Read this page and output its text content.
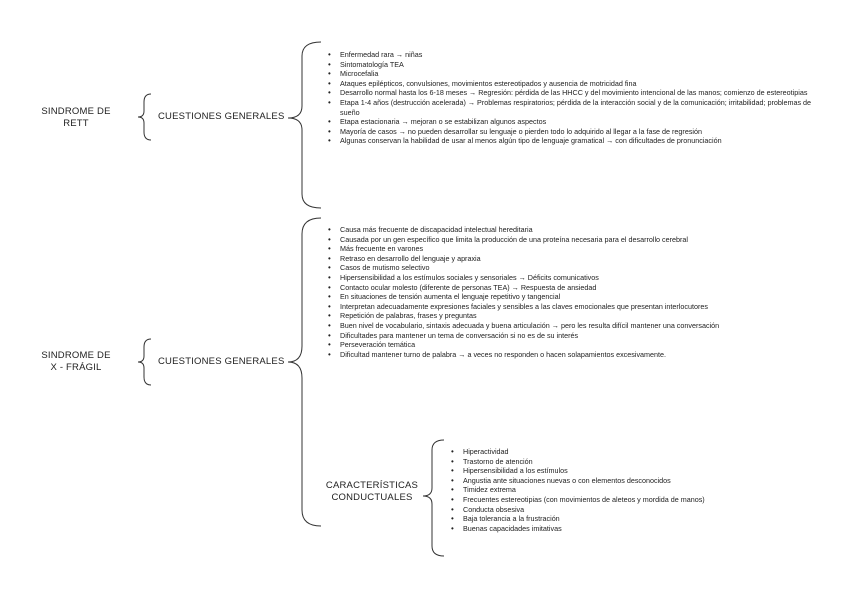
SINDROME DE
RETT
CUESTIONES GENERALES
• Enfermedad rara → niñas
• Sintomatología TEA
• Microcefalia
• Ataques epilépticos, convulsiones, movimientos estereotipados y ausencia de motricidad fina
• Desarrollo normal hasta los 6-18 meses → Regresión: pérdida de las HHCC y del movimiento intencional de las manos; comienzo de estereotipias
• Etapa 1-4 años (destrucción acelerada) → Problemas respiratorios; pérdida de la interacción social y de la comunicación; irritabilidad; problemas de sueño
• Etapa estacionaria → mejoran o se estabilizan algunos aspectos
• Mayoría de casos → no pueden desarrollar su lenguaje o pierden todo lo adquirido al llegar a la fase de regresión
• Algunas conservan la habilidad de usar al menos algún tipo de lenguaje gramatical → con dificultades de pronunciación
SINDROME DE
X - FRÁGIL
CUESTIONES GENERALES
• Causa más frecuente de discapacidad intelectual hereditaria
• Causada por un gen específico que limita la producción de una proteína necesaria para el desarrollo cerebral
• Más frecuente en varones
• Retraso en desarrollo del lenguaje y apraxia
• Casos de mutismo selectivo
• Hipersensibilidad a los estímulos sociales y sensoriales → Déficits comunicativos
• Contacto ocular molesto (diferente de personas TEA) → Respuesta de ansiedad
• En situaciones de tensión aumenta el lenguaje repetitivo y tangencial
• Interpretan adecuadamente expresiones faciales y sensibles a las claves emocionales que presentan interlocutores
• Repetición de palabras, frases y preguntas
• Buen nivel de vocabulario, sintaxis adecuada y buena articulación → pero les resulta difícil mantener una conversación
• Dificultades para mantener un tema de conversación si no es de su interés
• Perseveración temática
• Dificultad mantener turno de palabra → a veces no responden o hacen solapamientos excesivamente.
CARACTERÍSTICAS
CONDUCTUALES
• Hiperactividad
• Trastorno de atención
• Hipersensibilidad a los estímulos
• Angustia ante situaciones nuevas o con elementos desconocidos
• Timidez extrema
• Frecuentes estereotipias (con movimientos de aleteos y mordida de manos)
• Conducta obsesiva
• Baja tolerancia a la frustración
• Buenas capacidades imitativas
